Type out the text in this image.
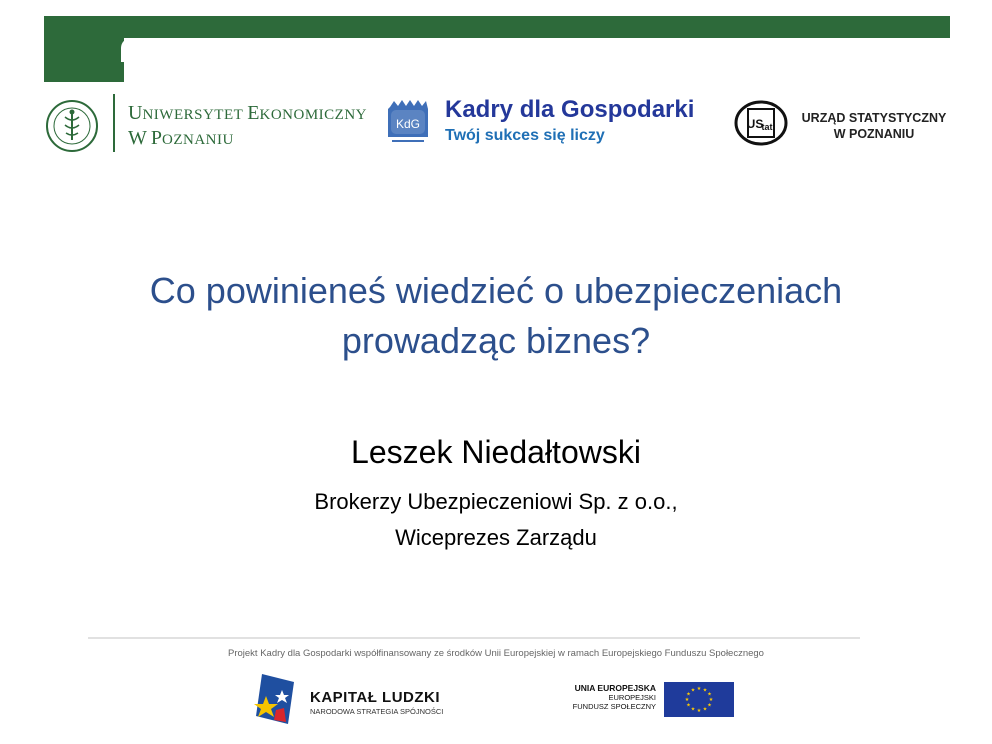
UNIWERSYTET EKONOMICZNY
W POZNANIU
KdG
Kadry dla Gospodarki
Twój sukces się liczy
US
tat
URZĄD STATYSTYCZNY
W POZNANIU
Co powinieneś wiedzieć o ubezpieczeniach
prowadząc biznes?
Leszek Niedałtowski
Brokerzy Ubezpieczeniowi Sp. z o.o.,
Wiceprezes Zarządu
Projekt Kadry dla Gospodarki współfinansowany ze środków Unii Europejskiej w ramach Europejskiego Funduszu Społecznego
KAPITAŁ LUDZKI
NARODOWA STRATEGIA SPÓJNOŚCI
UNIA EUROPEJSKA
EUROPEJSKI
FUNDUSZ SPOŁECZNY
★ ★
★
★
★
★
★
★
★
★
★
★
